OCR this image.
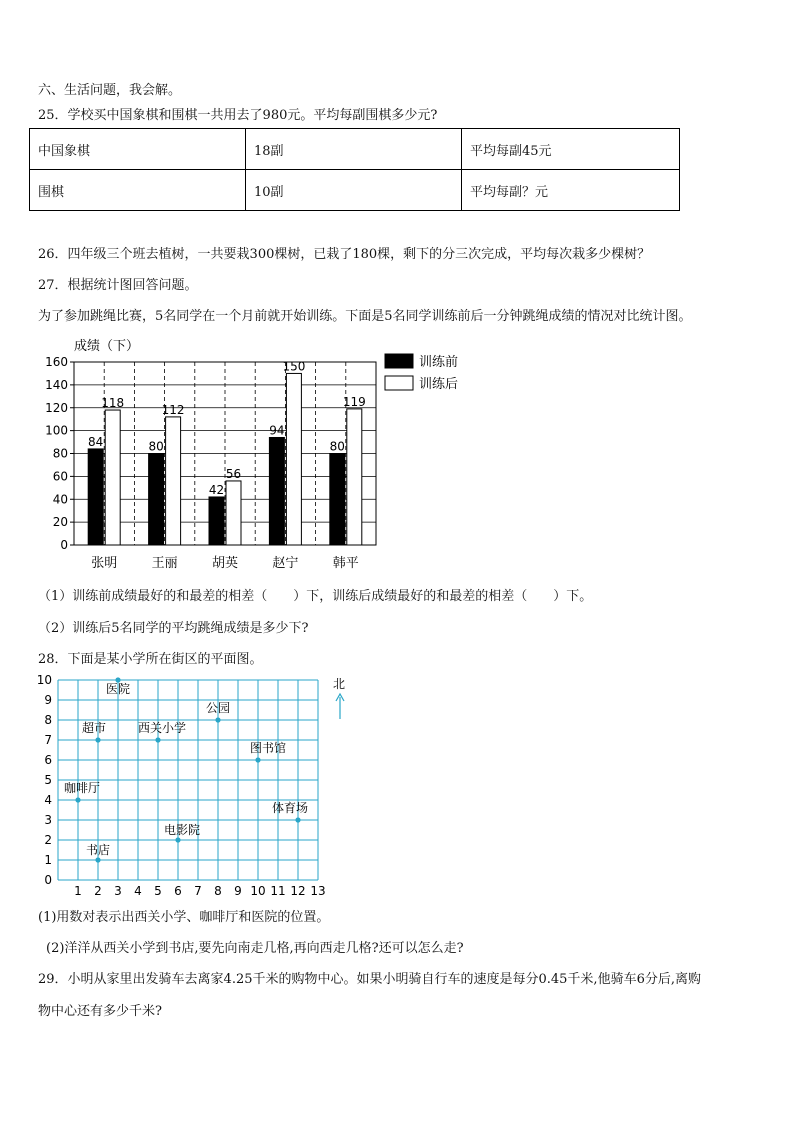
六、生活问题，我会解。
25．学校买中国象棋和围棋一共用去了980元。平均每副围棋多少元?
中国象棋	18副	平均每副45元
围棋	10副	平均每副？元
26．四年级三个班去植树，一共要栽300棵树，已栽了180棵，剩下的分三次完成，平均每次栽多少棵树？
27．根据统计图回答问题。
为了参加跳绳比赛，5名同学在一个月前就开始训练。下面是5名同学训练前后一分钟跳绳成绩的情况对比统计图。
成绩（下）
0
20
40
60
80
100
120
140
160
84
118
张明
80
112
王丽
42
56
胡英
94
150
赵宁
80
119
韩平
训练前
训练后
（1）训练前成绩最好的和最差的相差（　　）下，训练后成绩最好的和最差的相差（　　）下。
（2）训练后5名同学的平均跳绳成绩是多少下?
28．下面是某小学所在街区的平面图。
北
1 2 3 4 5 6 7 8 9 10 11 12 13
0
1
2
3
4
5
6
7
8
9
10
医院
公园
超市	西关小学
图书馆
咖啡厅
体育场
电影院
书店
(1)用数对表示出西关小学、咖啡厅和医院的位置。
(2)洋洋从西关小学到书店,要先向南走几格,再向西走几格?还可以怎么走?
29．小明从家里出发骑车去离家4.25千米的购物中心。如果小明骑自行车的速度是每分0.45千米,他骑车6分后,离购
物中心还有多少千米?
